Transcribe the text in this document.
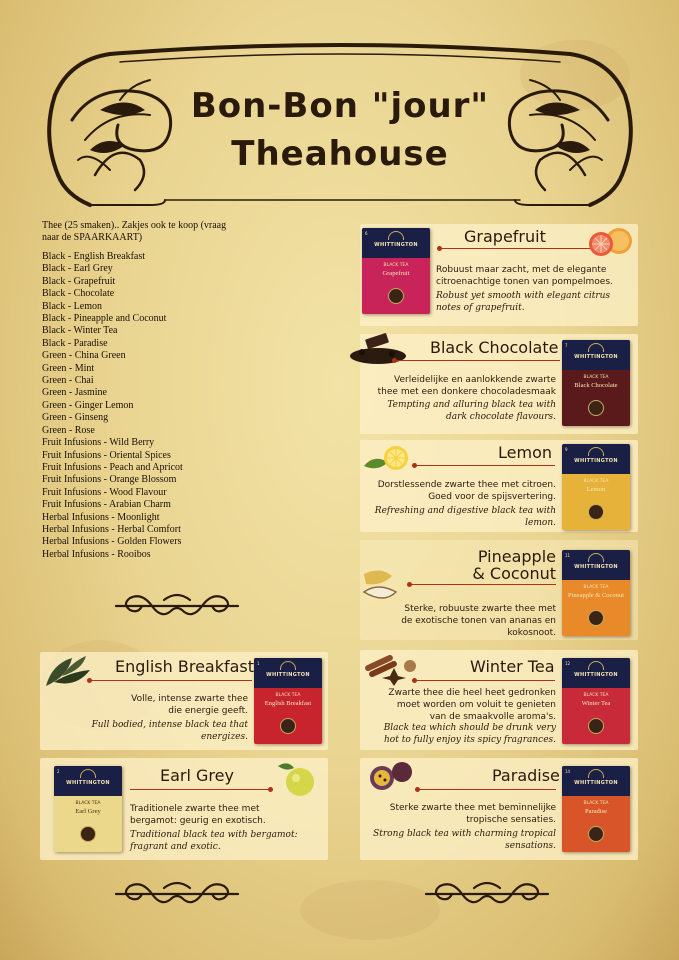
Bon-Bon "jour"
Theahouse
Thee (25 smaken).. Zakjes ook te koop (vraag naar de SPAARKAART)
Black - English Breakfast
Black - Earl Grey
Black - Grapefruit
Black - Chocolate
Black - Lemon
Black - Pineapple and Coconut
Black - Winter Tea
Black - Paradise
Green - China Green
Green - Mint
Green - Chai
Green - Jasmine
Green - Ginger Lemon
Green - Ginseng
Green - Rose
Fruit Infusions - Wild Berry
Fruit Infusions - Oriental Spices
Fruit Infusions - Peach and Apricot
Fruit Infusions - Orange Blossom
Fruit Infusions - Wood Flavour
Fruit Infusions - Arabian Charm
Herbal Infusions - Moonlight
Herbal Infusions - Herbal Comfort
Herbal Infusions - Golden Flowers
Herbal Infusions - Rooibos
6
WHITTINGTON
BLACK TEA
Grapefruit
Grapefruit
Robuust maar zacht, met de elegante
citroenachtige tonen van pompelmoes.
Robust yet smooth with elegant citrus
notes of grapefruit.
Black Chocolate 7
WHITTINGTON
BLACK TEA
Black Chocolate
Verleidelijke en aanlokkende zwarte
thee met een donkere chocoladesmaak
Tempting and alluring black tea with
dark chocolate flavours.
Lemon	9
WHITTINGTON
BLACK TEA
Lemon
Dorstlessende zwarte thee met citroen.
Goed voor de spijsvertering.
Refreshing and digestive black tea with
lemon.
Pineapple
& Coconut
11
WHITTINGTON
BLACK TEA
Pineapple & Coconut
Sterke, robuuste zwarte thee met
de exotische tonen van ananas en
kokosnoot.
Winter Tea	12
WHITTINGTON
BLACK TEA
Winter Tea
Zwarte thee die heel heet gedronken
moet worden om voluit te genieten
van de smaakvolle aroma's.
Black tea which should be drunk very
hot to fully enjoy its spicy fragrances.
Paradise 14
WHITTINGTON
BLACK TEA
Paradise
Sterke zwarte thee met beminnelijke
tropische sensaties.
Strong black tea with charming tropical
sensations.
English Breakfast 1
WHITTINGTON
BLACK TEA
English Breakfast
Volle, intense zwarte thee
die energie geeft.
Full bodied, intense black tea that
energizes.
2
WHITTINGTON
BLACK TEA
Earl Grey
Earl Grey
Traditionele zwarte thee met
bergamot: geurig en exotisch.
Traditional black tea with bergamot:
fragrant and exotic.
